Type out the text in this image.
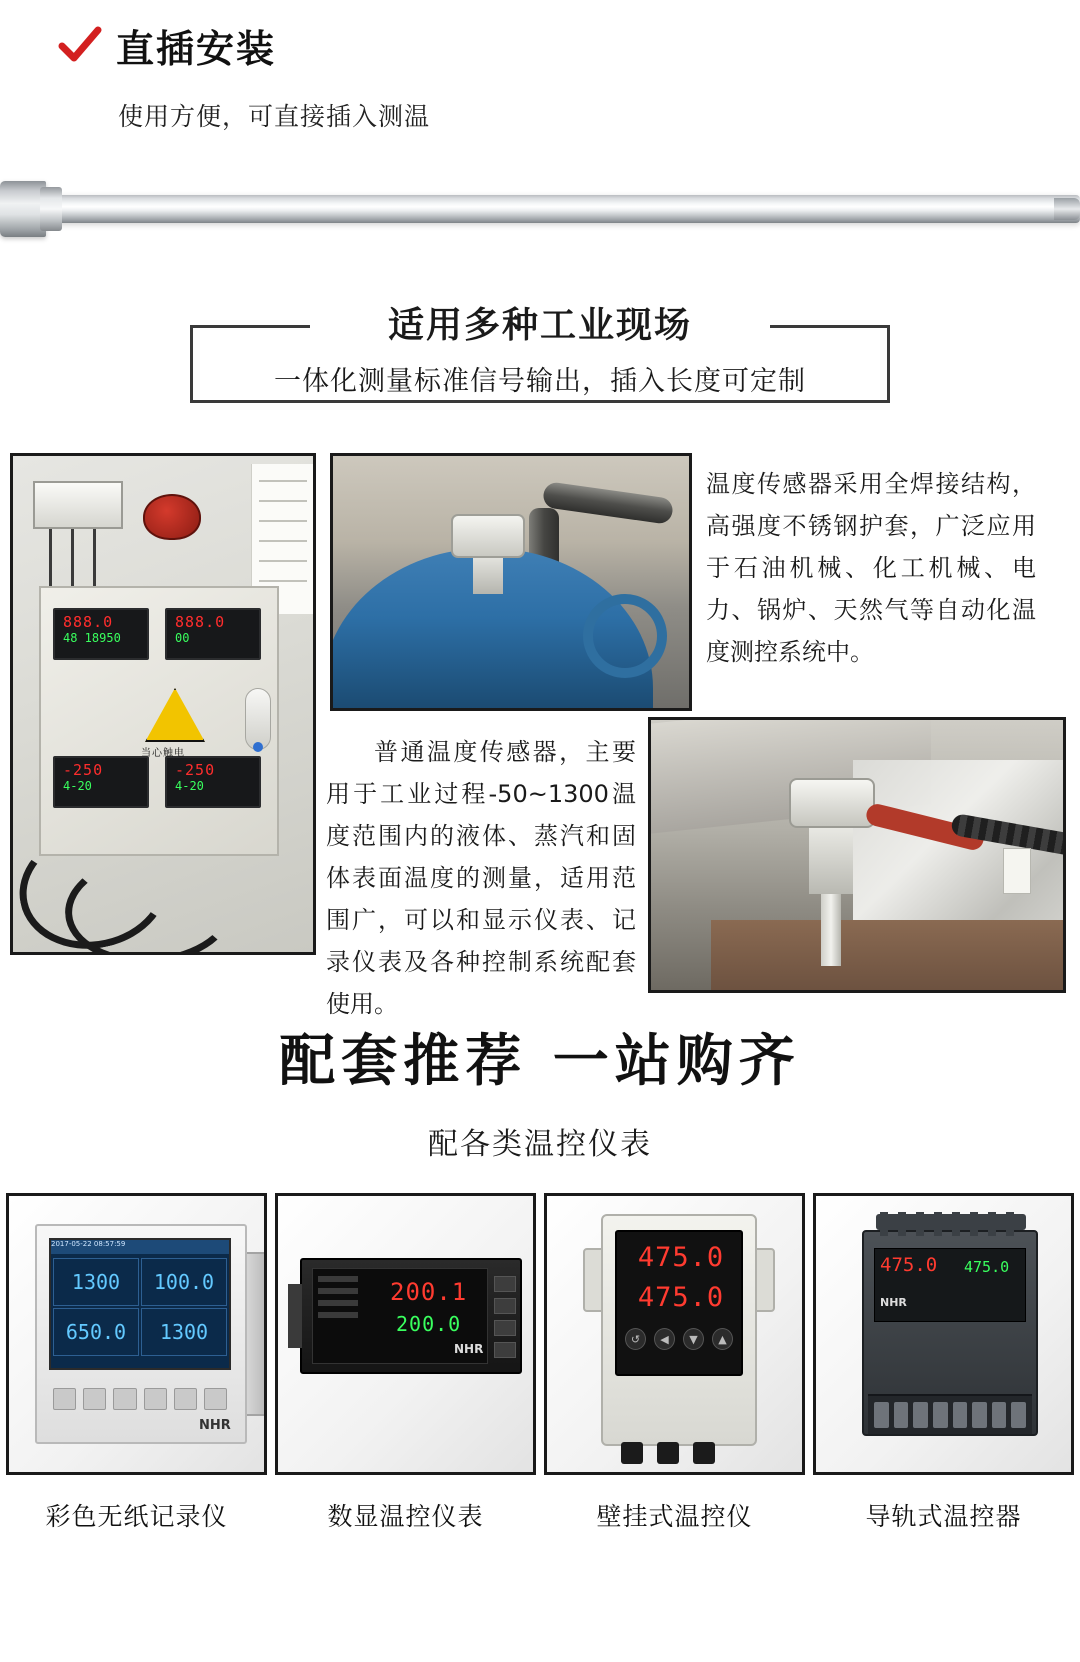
直插安装

使用方便，可直接插入测温

适用多种工业现场

一体化测量标准信号输出，插入长度可定制

888.0
48 18950
888.0
00
-250
4-20
-250
4-20
当心触电

温度传感器采用全焊接结构，高强度不锈钢护套，广泛应用于石油机械、化工机械、电力、锅炉、天然气等自动化温度测控系统中。

普通温度传感器，主要用于工业过程-50~1300温度范围内的液体、蒸汽和固体表面温度的测量，适用范围广，可以和显示仪表、记录仪表及各种控制系统配套使用。

配套推荐 一站购齐

配各类温控仪表

2017-05-22 08:57:59
1300	100.0
650.0	1300
NHR
彩色无纸记录仪
200.1
200.0
NHR
数显温控仪表
475.0
475.0
↺	◀	▼	▲
壁挂式温控仪
475.0 475.0
NHR
导轨式温控器
